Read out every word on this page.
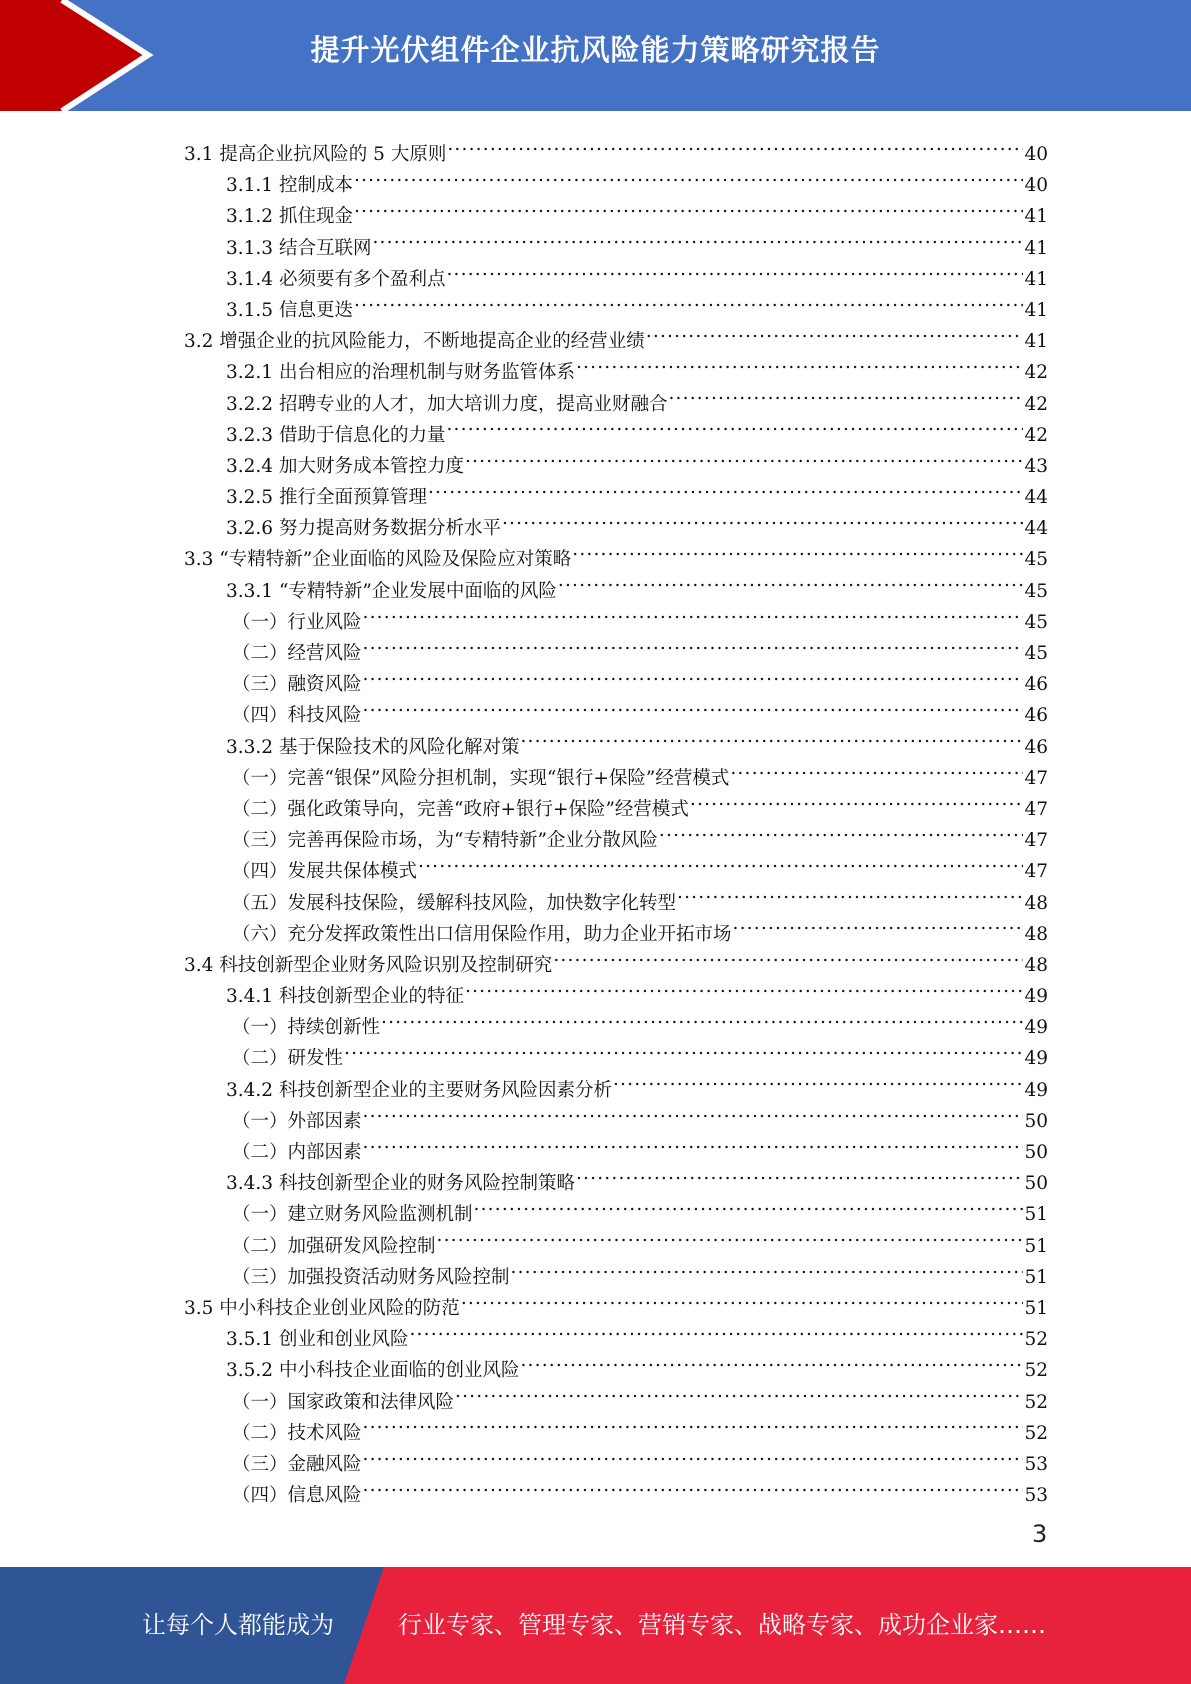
提升光伏组件企业抗风险能力策略研究报告
3.1 提高企业抗风险的 5 大原则 .....	40
3.1.1 控制成本 .....	40
3.1.2 抓住现金 .....	41
3.1.3 结合互联网 .....	41
3.1.4 必须要有多个盈利点 .....	41
3.1.5 信息更迭 .....	41
3.2 增强企业的抗风险能力，不断地提高企业的经营业绩 .....	41
3.2.1 出台相应的治理机制与财务监管体系 .....	42
3.2.2 招聘专业的人才，加大培训力度，提高业财融合 .....	42
3.2.3 借助于信息化的力量 .....	42
3.2.4 加大财务成本管控力度 .....	43
3.2.5 推行全面预算管理 .....	44
3.2.6 努力提高财务数据分析水平 .....	44
3.3 “专精特新”企业面临的风险及保险应对策略 .....	45
3.3.1 “专精特新”企业发展中面临的风险 .....	45
（一）行业风险 .....	45
（二）经营风险 .....	45
（三）融资风险 .....	46
（四）科技风险 .....	46
3.3.2 基于保险技术的风险化解对策 .....	46
（一）完善“银保”风险分担机制，实现“银行+保险”经营模式 .....	47
（二）强化政策导向，完善“政府+银行+保险”经营模式 .....	47
（三）完善再保险市场，为“专精特新”企业分散风险 .....	47
（四）发展共保体模式 .....	47
（五）发展科技保险，缓解科技风险，加快数字化转型 .....	48
（六）充分发挥政策性出口信用保险作用，助力企业开拓市场 .....	48
3.4 科技创新型企业财务风险识别及控制研究 .....	48
3.4.1 科技创新型企业的特征 .....	49
（一）持续创新性 .....	49
（二）研发性 .....	49
3.4.2 科技创新型企业的主要财务风险因素分析 .....	49
（一）外部因素 .....	50
（二）内部因素 .....	50
3.4.3 科技创新型企业的财务风险控制策略 .....	50
（一）建立财务风险监测机制 .....	51
（二）加强研发风险控制 .....	51
（三）加强投资活动财务风险控制 .....	51
3.5 中小科技企业创业风险的防范 .....	51
3.5.1 创业和创业风险 .....	52
3.5.2 中小科技企业面临的创业风险 .....	52
（一）国家政策和法律风险 .....	52
（二）技术风险 .....	52
（三）金融风险 .....	53
（四）信息风险 .....	53
3
让每个人都能成为	行业专家、管理专家、营销专家、战略专家、成功企业家……
